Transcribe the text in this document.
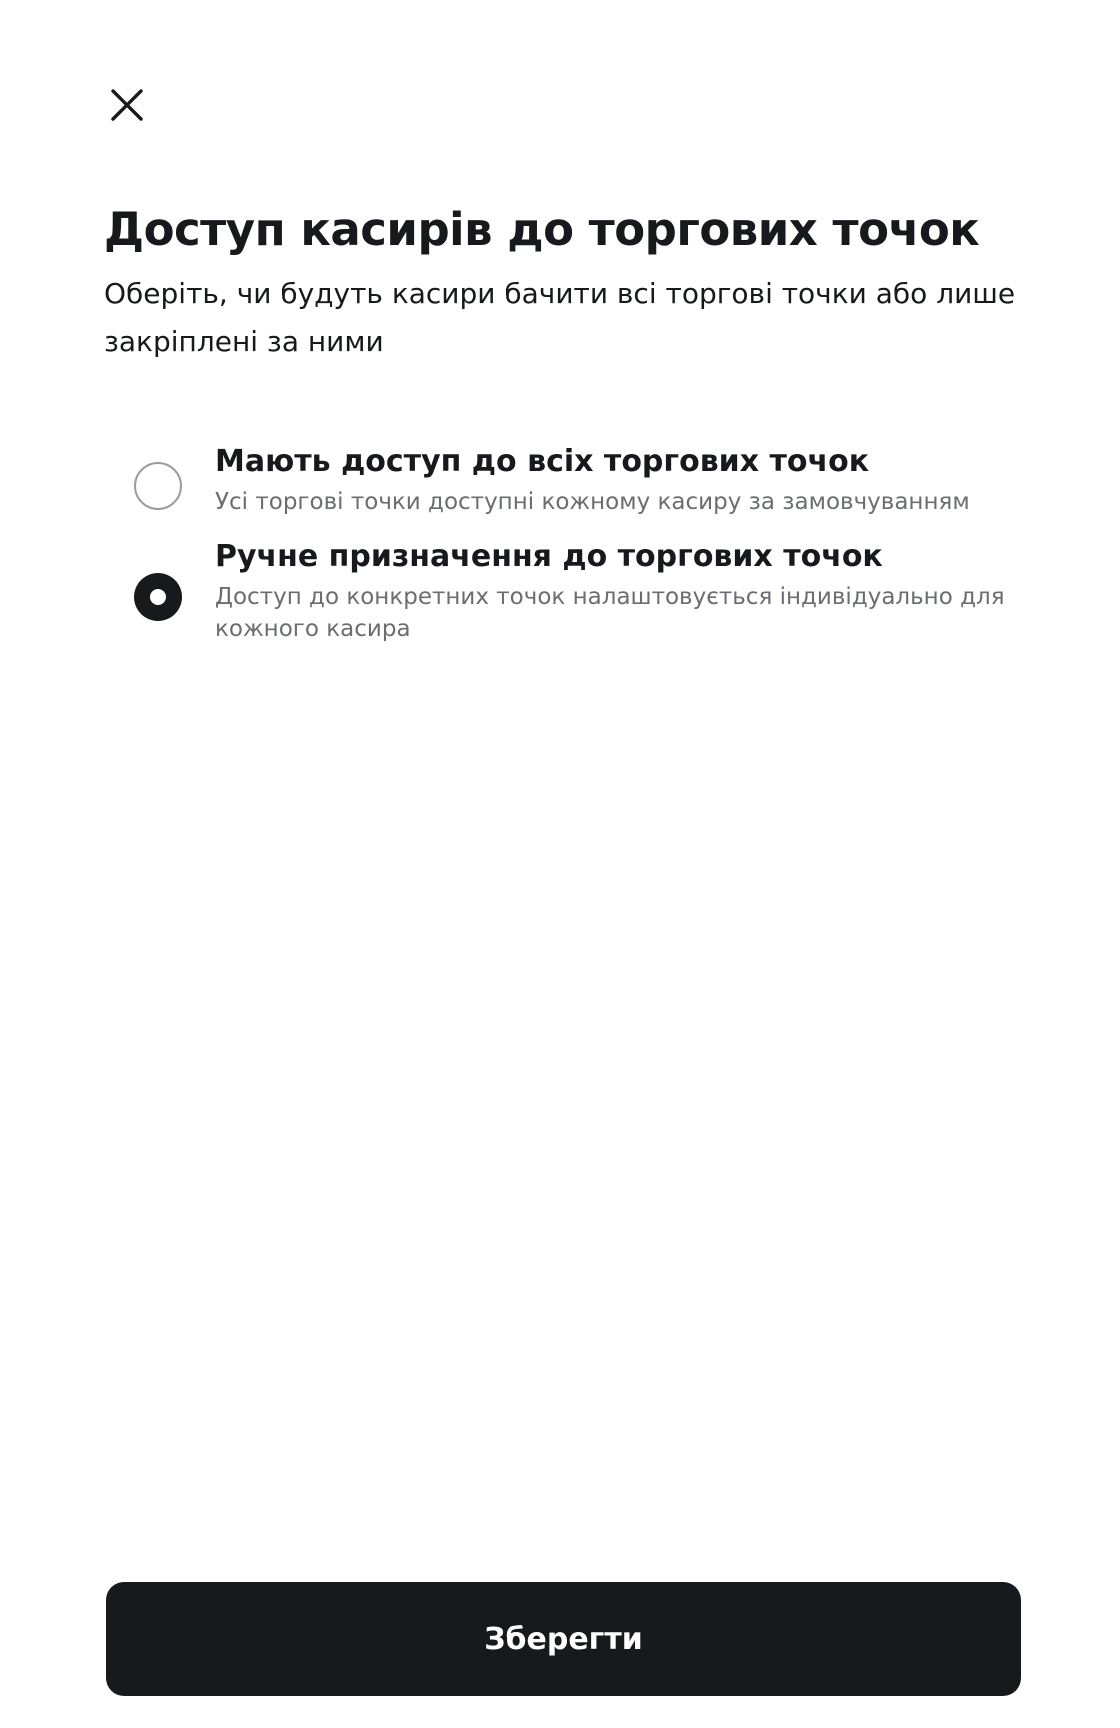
Доступ касирів до торгових точок

Оберіть, чи будуть касири бачити всі торгові точки або лише закріплені за ними

Мають доступ до всіх торгових точок
Усі торгові точки доступні кожному касиру за замовчуванням
Ручне призначення до торгових точок
Доступ до конкретних точок налаштовується індивідуально для кожного касира
Зберегти
